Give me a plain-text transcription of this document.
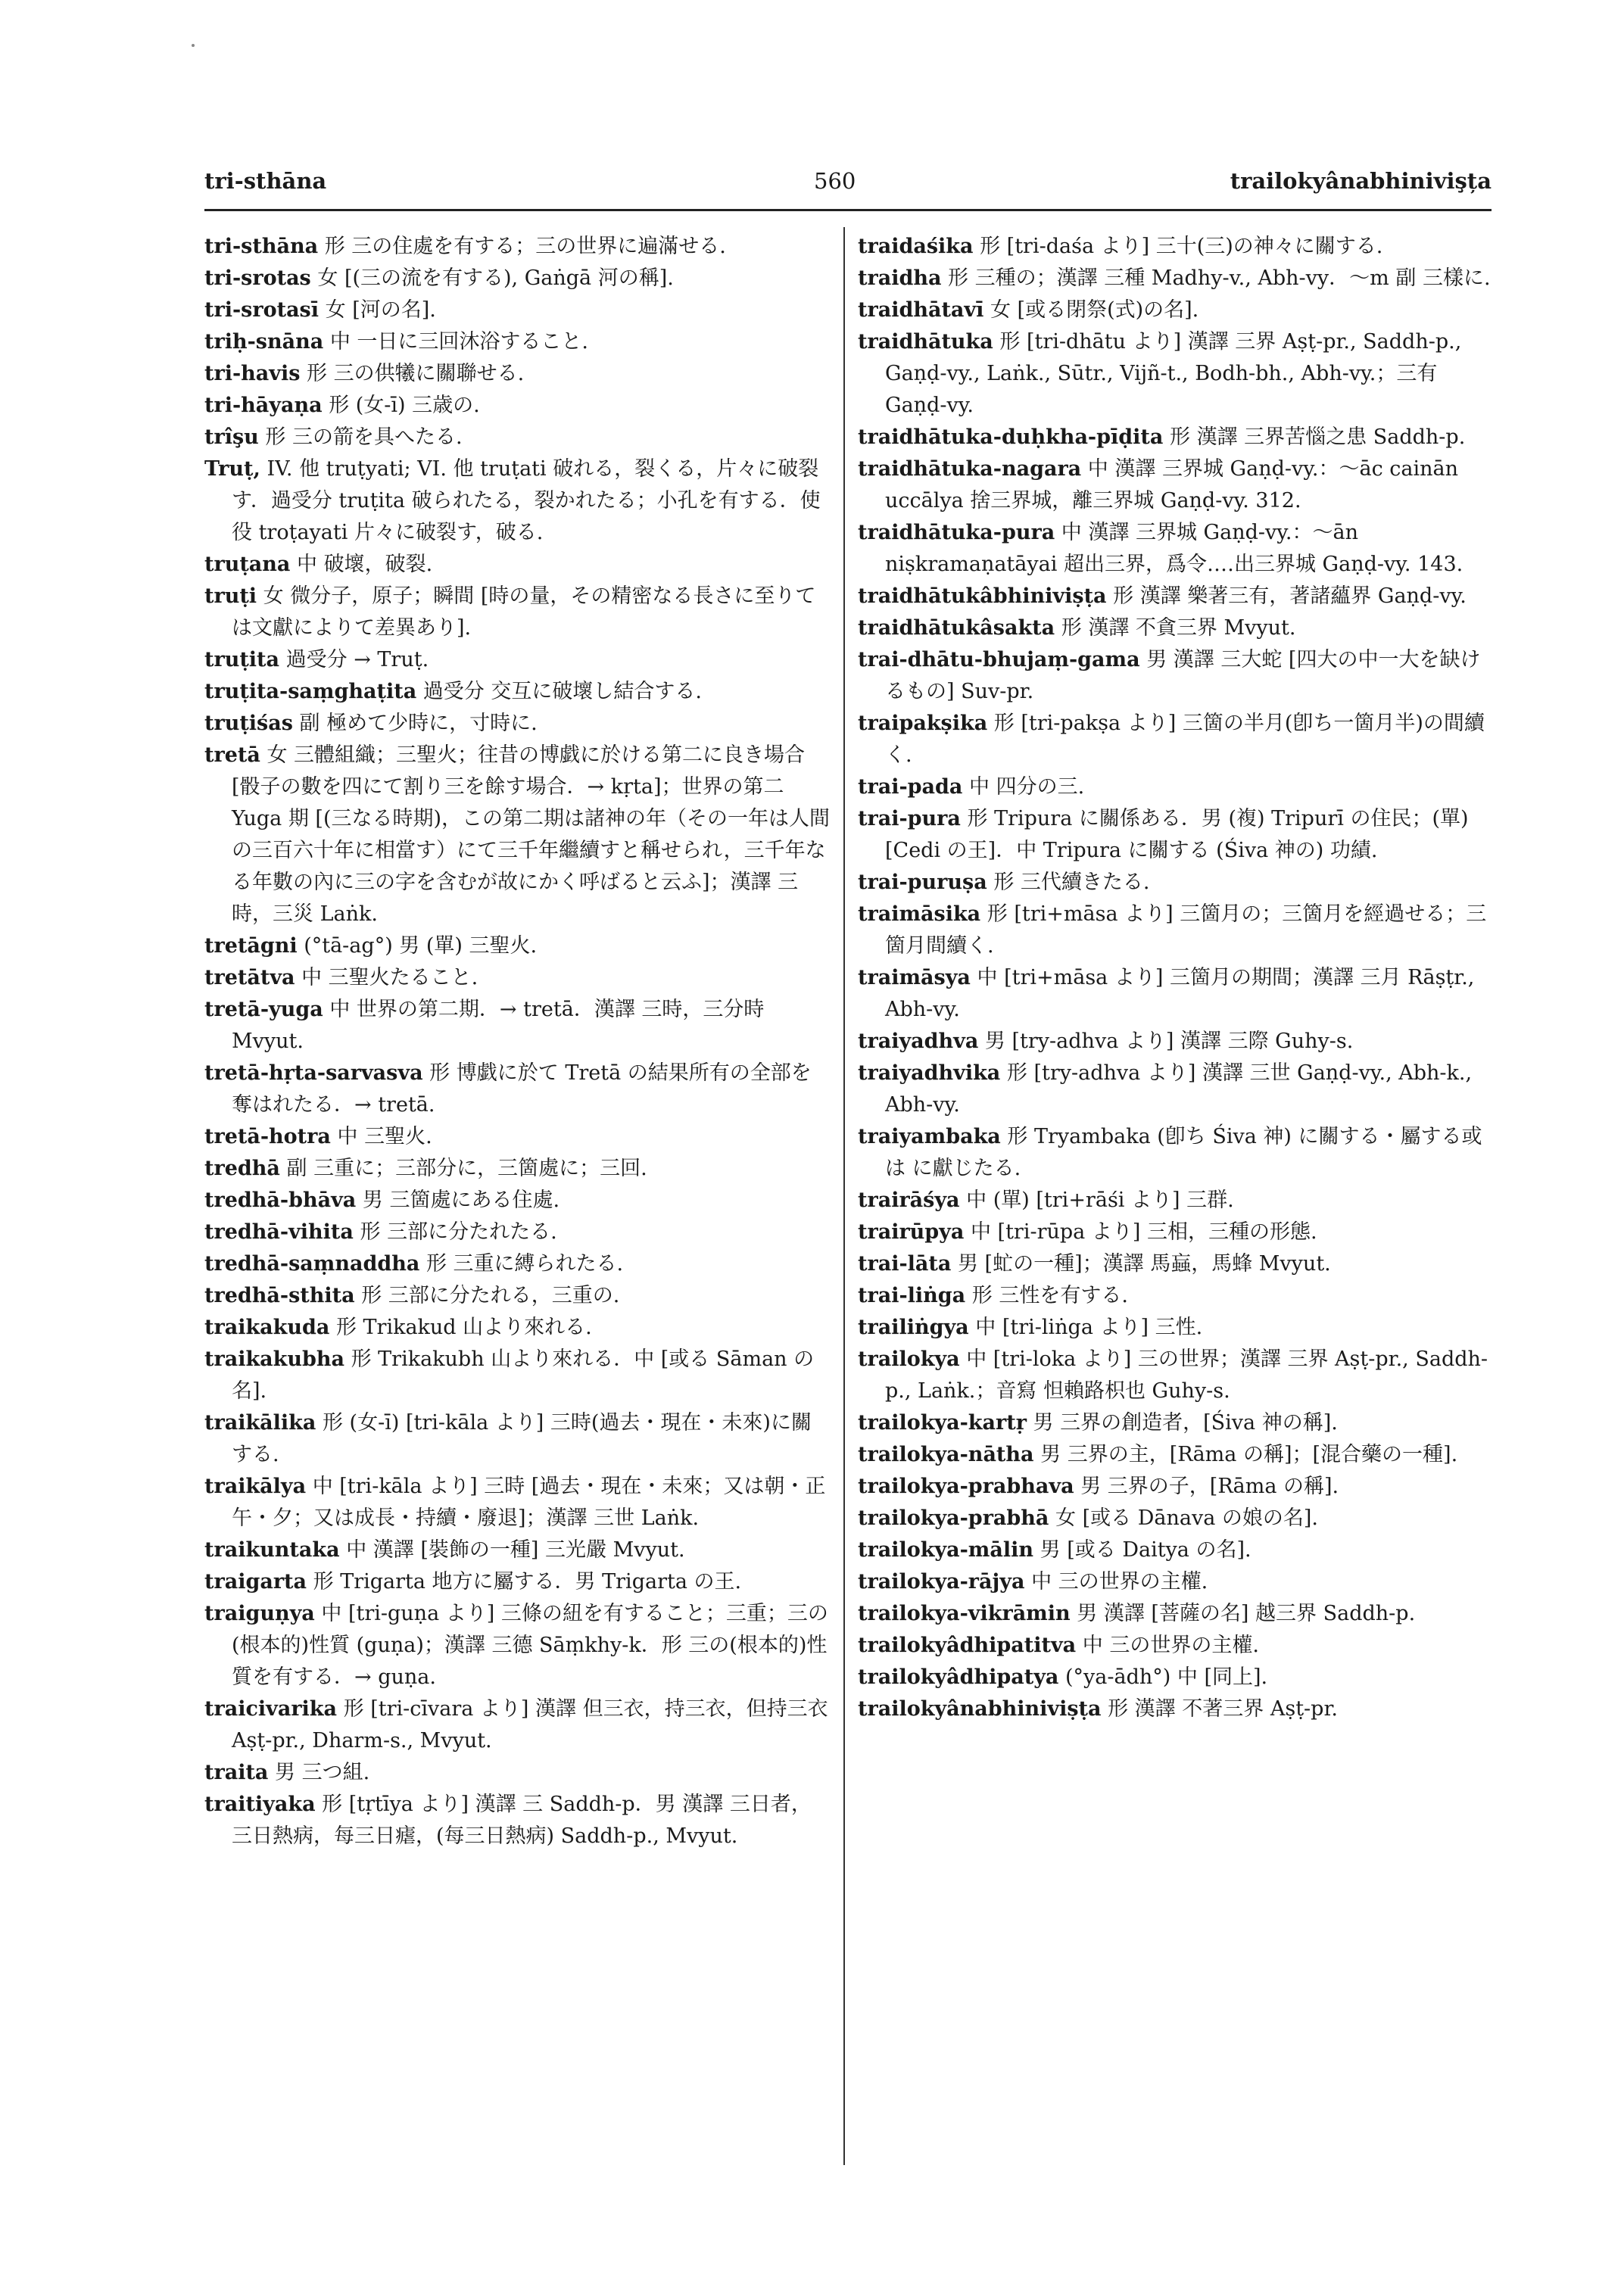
tri-sthāna	560	trailokyânabhinivişța

tri-sthāna 形 三の住處を有する；三の世界に遍滿せる.

tri-srotas 女 [(三の流を有する), Gaṅgā 河の稱].

tri-srotasī 女 [河の名].

triḥ-snāna 中 一日に三回沐浴すること.

tri-havis 形 三の供犧に關聯せる.

tri-hāyaṇa 形 (女-ī) 三歳の.

trîşu 形 三の箭を具へたる.

Truṭ, IV. 他 truṭyati; VI. 他 truṭati 破れる，裂くる，片々に破裂す．過受分 truṭita 破られたる，裂かれたる；小孔を有する．使役 troṭayati 片々に破裂す，破る.

truṭana 中 破壞，破裂.

truṭi 女 微分子，原子；瞬間 [時の量，その精密なる長さに至りては文獻によりて差異あり].

truṭita 過受分 → Truṭ.

truṭita-saṃghaṭita 過受分 交互に破壞し結合する.

truṭiśas 副 極めて少時に，寸時に.

tretā 女 三體組織；三聖火；往昔の博戯に於ける第二に良き場合 [骰子の數を四にて割り三を餘す場合．→ kṛta]；世界の第二 Yuga 期 [(三なる時期)，この第二期は諸神の年（その一年は人間の三百六十年に相當す）にて三千年繼續すと稱せられ，三千年なる年數の內に三の字を含むが故にかく呼ばると云ふ]；漢譯 三時，三災 Laṅk.

tretāgni (°tā-ag°) 男 (單) 三聖火.

tretātva 中 三聖火たること.

tretā-yuga 中 世界の第二期．→ tretā．漢譯 三時，三分時 Mvyut.

tretā-hṛta-sarvasva 形 博戯に於て Tretā の結果所有の全部を奪はれたる．→ tretā.

tretā-hotra 中 三聖火.

tredhā 副 三重に；三部分に，三箇處に；三回.

tredhā-bhāva 男 三箇處にある住處.

tredhā-vihita 形 三部に分たれたる.

tredhā-saṃnaddha 形 三重に縛られたる.

tredhā-sthita 形 三部に分たれる，三重の.

traikakuda 形 Trikakud 山より來れる.

traikakubha 形 Trikakubh 山より來れる．中 [或る Sāman の名].

traikālika 形 (女-ī) [tri-kāla より] 三時(過去・現在・未來)に關する.

traikālya 中 [tri-kāla より] 三時 [過去・現在・未來；又は朝・正午・夕；又は成長・持續・廢退]；漢譯 三世 Laṅk.

traikuntaka 中 漢譯 [裝飾の一種] 三光嚴 Mvyut.

traigarta 形 Trigarta 地方に屬する．男 Trigarta の王.

traiguṇya 中 [tri-guṇa より] 三條の紐を有すること；三重；三の(根本的)性質 (guṇa)；漢譯 三德 Sāṃkhy-k．形 三の(根本的)性質を有する．→ guṇa.

traicivarika 形 [tri-cīvara より] 漢譯 但三衣，持三衣，但持三衣 Aṣṭ-pr., Dharm-s., Mvyut.

traita 男 三つ組.

traitiyaka 形 [tṛtīya より] 漢譯 三 Saddh-p．男 漢譯 三日者，三日熱病，每三日瘧，(每三日熱病) Saddh-p., Mvyut.

traidaśika 形 [tri-daśa より] 三十(三)の神々に關する.

traidha 形 三種の；漢譯 三種 Madhy-v., Abh-vy．〜m 副 三樣に.

traidhātavī 女 [或る閉祭(式)の名].

traidhātuka 形 [tri-dhātu より] 漢譯 三界 Aṣṭ-pr., Saddh-p., Gaṇḍ-vy., Laṅk., Sūtr., Vijñ-t., Bodh-bh., Abh-vy.；三有 Gaṇḍ-vy.

traidhātuka-duḥkha-pīḍita 形 漢譯 三界苦惱之患 Saddh-p.

traidhātuka-nagara 中 漢譯 三界城 Gaṇḍ-vy.：〜āc cainān uccālya 捨三界城，離三界城 Gaṇḍ-vy. 312.

traidhātuka-pura 中 漢譯 三界城 Gaṇḍ-vy.：〜ān niṣkramaṇatāyai 超出三界，爲令‥‥出三界城 Gaṇḍ-vy. 143.

traidhātukâbhiniviṣṭa 形 漢譯 樂著三有，著諸蘊界 Gaṇḍ-vy.

traidhātukâsakta 形 漢譯 不貪三界 Mvyut.

trai-dhātu-bhujaṃ-gama 男 漢譯 三大蛇 [四大の中一大を缺けるもの] Suv-pr.

traipakṣika 形 [tri-pakṣa より] 三箇の半月(卽ち一箇月半)の間續く.

trai-pada 中 四分の三.

trai-pura 形 Tripura に關係ある．男 (複) Tripurī の住民；(單) [Cedi の王]．中 Tripura に關する (Śiva 神の) 功績.

trai-puruṣa 形 三代續きたる.

traimāsika 形 [tri+māsa より] 三箇月の；三箇月を經過せる；三箇月間續く.

traimāsya 中 [tri+māsa より] 三箇月の期間；漢譯 三月 Rāṣṭr., Abh-vy.

traiyadhva 男 [try-adhva より] 漢譯 三際 Guhy-s.

traiyadhvika 形 [try-adhva より] 漢譯 三世 Gaṇḍ-vy., Abh-k., Abh-vy.

traiyambaka 形 Tryambaka (卽ち Śiva 神) に關する・屬する或は に獻じたる.

trairāśya 中 (單) [tri+rāśi より] 三群.

trairūpya 中 [tri-rūpa より] 三相，三種の形態.

trai-lāta 男 [虻の一種]；漢譯 馬蝱，馬蜂 Mvyut.

trai-liṅga 形 三性を有する.

trailiṅgya 中 [tri-liṅga より] 三性.

trailokya 中 [tri-loka より] 三の世界；漢譯 三界 Aṣṭ-pr., Saddh-p., Laṅk.；音寫 怛賴路枳也 Guhy-s.

trailokya-kartṛ 男 三界の創造者，[Śiva 神の稱].

trailokya-nātha 男 三界の主，[Rāma の稱]；[混合藥の一種].

trailokya-prabhava 男 三界の子，[Rāma の稱].

trailokya-prabhā 女 [或る Dānava の娘の名].

trailokya-mālin 男 [或る Daitya の名].

trailokya-rājya 中 三の世界の主權.

trailokya-vikrāmin 男 漢譯 [菩薩の名] 越三界 Saddh-p.

trailokyâdhipatitva 中 三の世界の主權.

trailokyâdhipatya (°ya-ādh°) 中 [同上].

trailokyânabhiniviṣṭa 形 漢譯 不著三界 Aṣṭ-pr.
